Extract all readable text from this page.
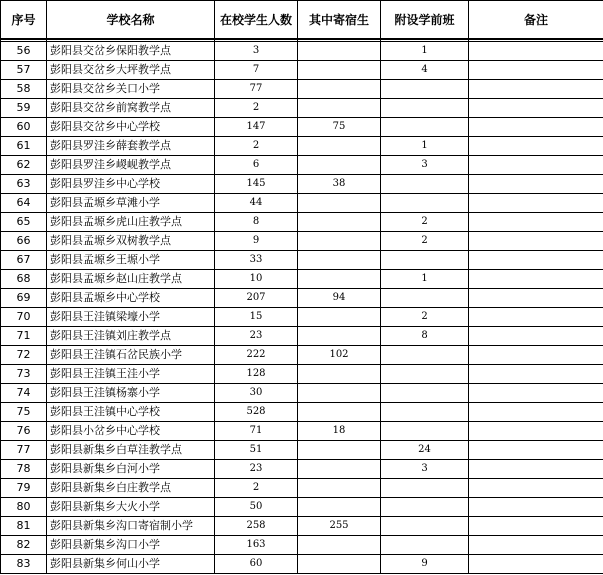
序号	学校名称	在校学生人数	其中寄宿生	附设学前班	备注

56	彭阳县交岔乡保阳教学点	3		1	
57	彭阳县交岔乡大坪教学点	7		4	
58	彭阳县交岔乡关口小学	77			
59	彭阳县交岔乡前窝教学点	2			
60	彭阳县交岔乡中心学校	147	75		
61	彭阳县罗洼乡薛套教学点	2		1	
62	彭阳县罗洼乡嵕岘教学点	6		3	
63	彭阳县罗洼乡中心学校	145	38		
64	彭阳县孟塬乡草滩小学	44			
65	彭阳县孟塬乡虎山庄教学点	8		2	
66	彭阳县孟塬乡双树教学点	9		2	
67	彭阳县孟塬乡王塬小学	33			
68	彭阳县孟塬乡赵山庄教学点	10		1	
69	彭阳县孟塬乡中心学校	207	94		
70	彭阳县王洼镇梁壕小学	15		2	
71	彭阳县王洼镇刘庄教学点	23		8	
72	彭阳县王洼镇石岔民族小学	222	102		
73	彭阳县王洼镇王洼小学	128			
74	彭阳县王洼镇杨寨小学	30			
75	彭阳县王洼镇中心学校	528			
76	彭阳县小岔乡中心学校	71	18		
77	彭阳县新集乡白草洼教学点	51		24	
78	彭阳县新集乡白河小学	23		3	
79	彭阳县新集乡白庄教学点	2			
80	彭阳县新集乡大火小学	50			
81	彭阳县新集乡沟口寄宿制小学	258	255		
82	彭阳县新集乡沟口小学	163			
83	彭阳县新集乡何山小学	60		9	
